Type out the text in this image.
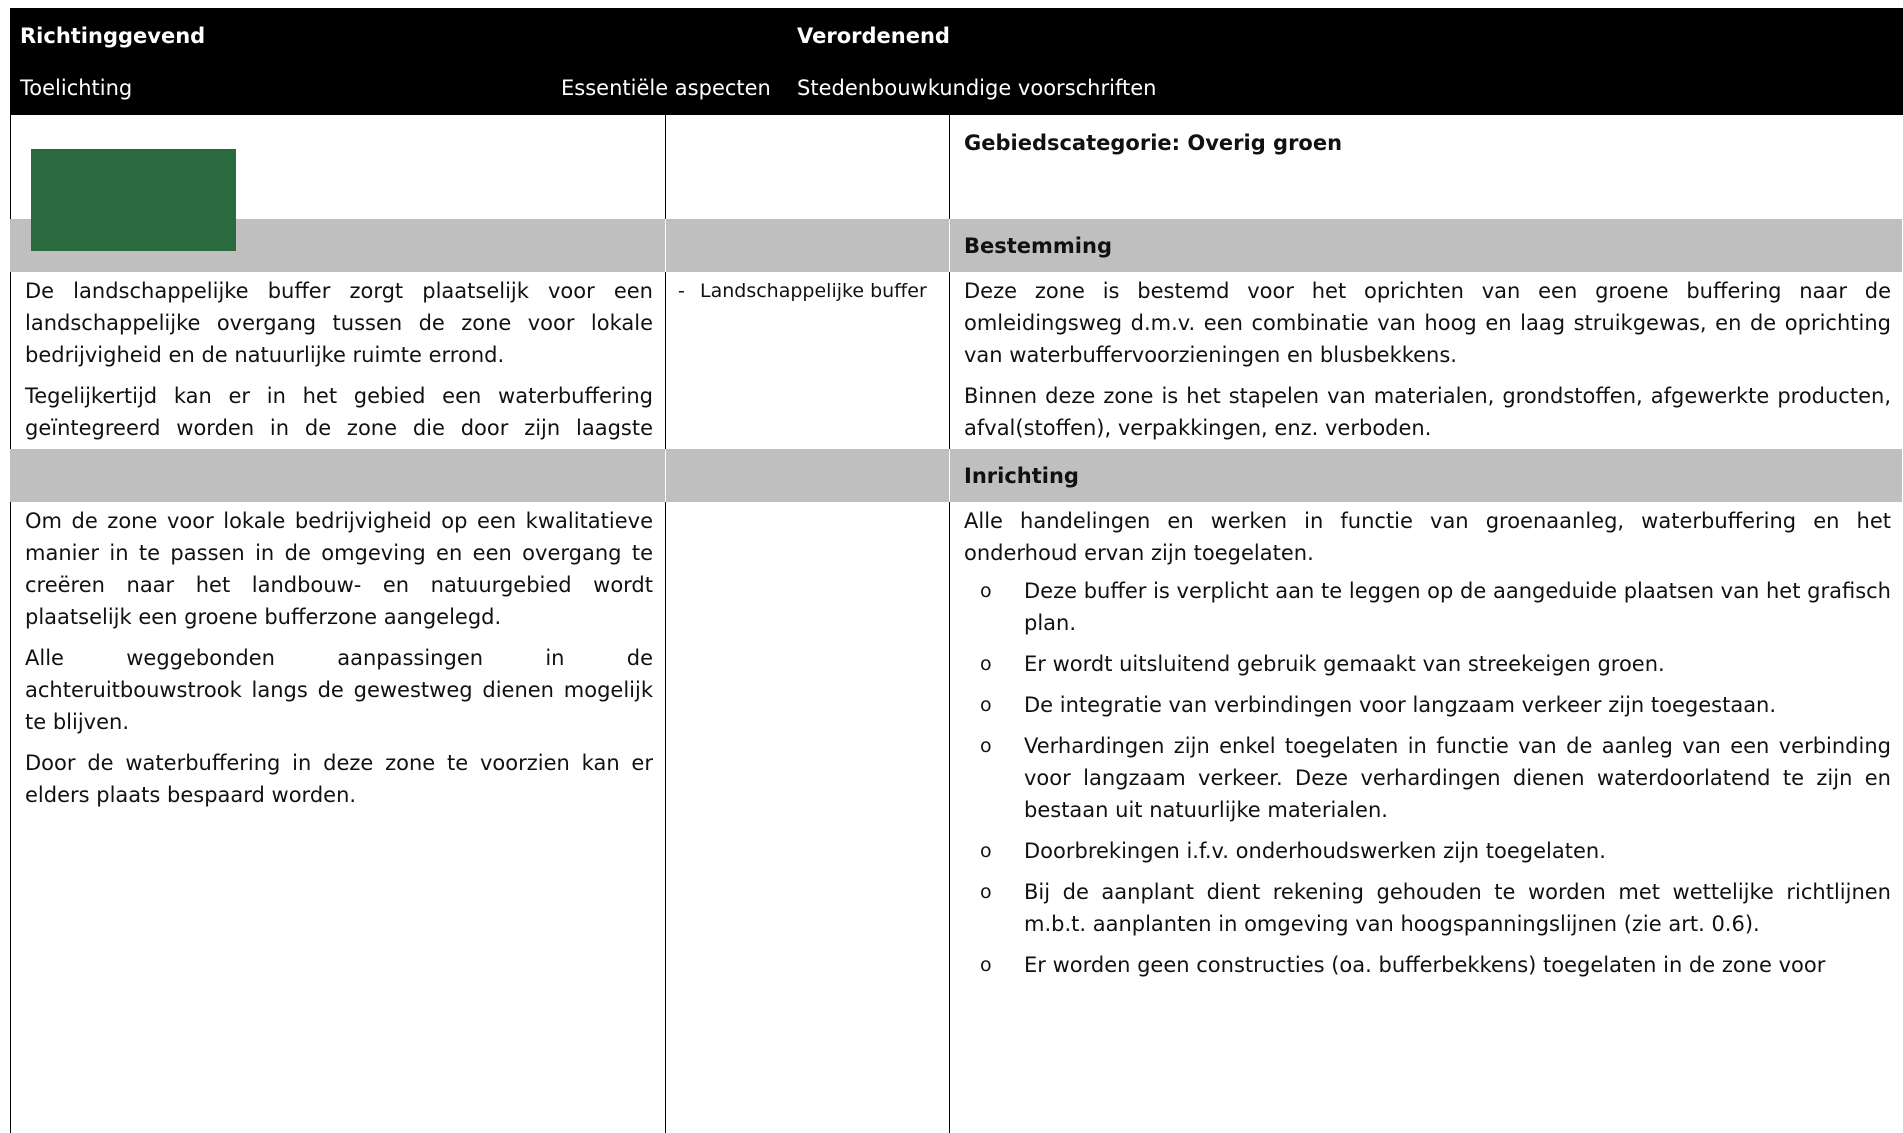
Richtinggevend	Verordenend
Toelichting	Essentiële aspecten Stedenbouwkundige voorschriften
Gebiedscategorie: Overig groen
Bestemming

De landschappelijke buffer zorgt plaatselijk voor een landschappelijke overgang tussen de zone voor lokale bedrijvigheid en de natuurlijke ruimte errond.

Tegelijkertijd kan er in het gebied een waterbuffering geïntegreerd worden in de zone die door zijn laagste

- Landschappelijke buffer Deze zone is bestemd voor het oprichten van een groene buffering naar de omleidingsweg d.m.v. een combinatie van hoog en laag struikgewas, en de oprichting van waterbuffervoorzieningen en blusbekkens.

Binnen deze zone is het stapelen van materialen, grondstoffen, afgewerkte producten, afval(stoffen), verpakkingen, enz. verboden.

Inrichting

Om de zone voor lokale bedrijvigheid op een kwalitatieve manier in te passen in de omgeving en een overgang te creëren naar het landbouw- en natuurgebied wordt plaatselijk een groene bufferzone aangelegd.

Alle weggebonden aanpassingen in de achteruitbouwstrook langs de gewestweg dienen mogelijk te blijven.

Door de waterbuffering in deze zone te voorzien kan er elders plaats bespaard worden.

Alle handelingen en werken in functie van groenaanleg, waterbuffering en het onderhoud ervan zijn toegelaten.

o Deze buffer is verplicht aan te leggen op de aangeduide plaatsen van het grafisch plan.
o Er wordt uitsluitend gebruik gemaakt van streekeigen groen.
o De integratie van verbindingen voor langzaam verkeer zijn toegestaan.
o Verhardingen zijn enkel toegelaten in functie van de aanleg van een verbinding voor langzaam verkeer. Deze verhardingen dienen waterdoorlatend te zijn en bestaan uit natuurlijke materialen.
o Doorbrekingen i.f.v. onderhoudswerken zijn toegelaten.
o Bij de aanplant dient rekening gehouden te worden met wettelijke richtlijnen m.b.t. aanplanten in omgeving van hoogspanningslijnen (zie art. 0.6).
o Er worden geen constructies (oa. bufferbekkens) toegelaten in de zone voor
